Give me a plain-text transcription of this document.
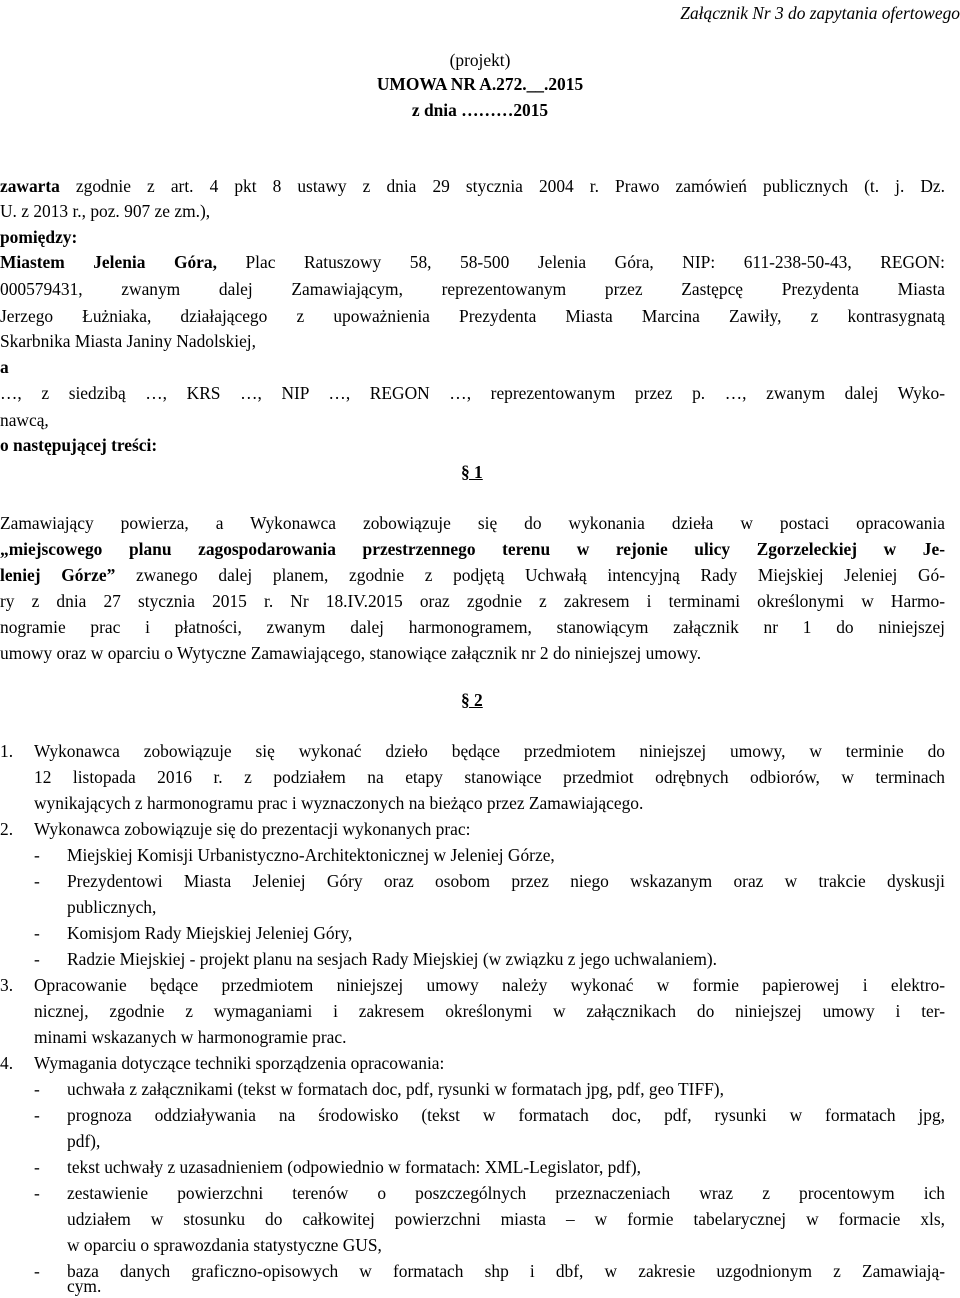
Załącznik Nr 3 do zapytania ofertowego
(projekt)
UMOWA NR A.272.__.2015
z dnia ………2015
zawarta zgodnie z art. 4 pkt 8 ustawy z dnia 29 stycznia 2004 r. Prawo zamówień publicznych (t. j. Dz.
U. z 2013 r., poz. 907 ze zm.),
pomiędzy:
Miastem Jelenia Góra, Plac Ratuszowy 58, 58-500 Jelenia Góra, NIP: 611-238-50-43, REGON:
000579431, zwanym dalej Zamawiającym, reprezentowanym przez Zastępcę Prezydenta Miasta
Jerzego Łużniaka, działającego z upoważnienia Prezydenta Miasta Marcina Zawiły, z kontrasygnatą
Skarbnika Miasta Janiny Nadolskiej,
a
…, z siedzibą …, KRS …, NIP …, REGON …, reprezentowanym przez p. …, zwanym dalej Wyko-
nawcą,
o następującej treści:
§ 1
Zamawiający powierza, a Wykonawca zobowiązuje się do wykonania dzieła w postaci opracowania
„miejscowego planu zagospodarowania przestrzennego terenu w rejonie ulicy Zgorzeleckiej w Je-
leniej Górze” zwanego dalej planem, zgodnie z podjętą Uchwałą intencyjną Rady Miejskiej Jeleniej Gó-
ry z dnia 27 stycznia 2015 r. Nr 18.IV.2015 oraz zgodnie z zakresem i terminami określonymi w Harmo-
nogramie prac i płatności, zwanym dalej harmonogramem, stanowiącym załącznik nr 1 do niniejszej
umowy oraz w oparciu o Wytyczne Zamawiającego, stanowiące załącznik nr 2 do niniejszej umowy.
§ 2
1. Wykonawca zobowiązuje się wykonać dzieło będące przedmiotem niniejszej umowy, w terminie do
12 listopada 2016 r. z podziałem na etapy stanowiące przedmiot odrębnych odbiorów, w terminach
wynikających z harmonogramu prac i wyznaczonych na bieżąco przez Zamawiającego.
2. Wykonawca zobowiązuje się do prezentacji wykonanych prac:
- Miejskiej Komisji Urbanistyczno-Architektonicznej w Jeleniej Górze,
- Prezydentowi Miasta Jeleniej Góry oraz osobom przez niego wskazanym oraz w trakcie dyskusji
publicznych,
- Komisjom Rady Miejskiej Jeleniej Góry,
- Radzie Miejskiej - projekt planu na sesjach Rady Miejskiej (w związku z jego uchwalaniem).
3. Opracowanie będące przedmiotem niniejszej umowy należy wykonać w formie papierowej i elektro-
nicznej, zgodnie z wymaganiami i zakresem określonymi w załącznikach do niniejszej umowy i ter-
minami wskazanych w harmonogramie prac.
4. Wymagania dotyczące techniki sporządzenia opracowania:
- uchwała z załącznikami (tekst w formatach doc, pdf, rysunki w formatach jpg, pdf, geo TIFF),
- prognoza oddziaływania na środowisko (tekst w formatach doc, pdf, rysunki w formatach jpg,
pdf),
- tekst uchwały z uzasadnieniem (odpowiednio w formatach: XML-Legislator, pdf),
- zestawienie powierzchni terenów o poszczególnych przeznaczeniach wraz z procentowym ich
udziałem w stosunku do całkowitej powierzchni miasta – w formie tabelarycznej w formacie xls,
w oparciu o sprawozdania statystyczne GUS,
- baza danych graficzno-opisowych w formatach shp i dbf, w zakresie uzgodnionym z Zamawiają-
cym.
